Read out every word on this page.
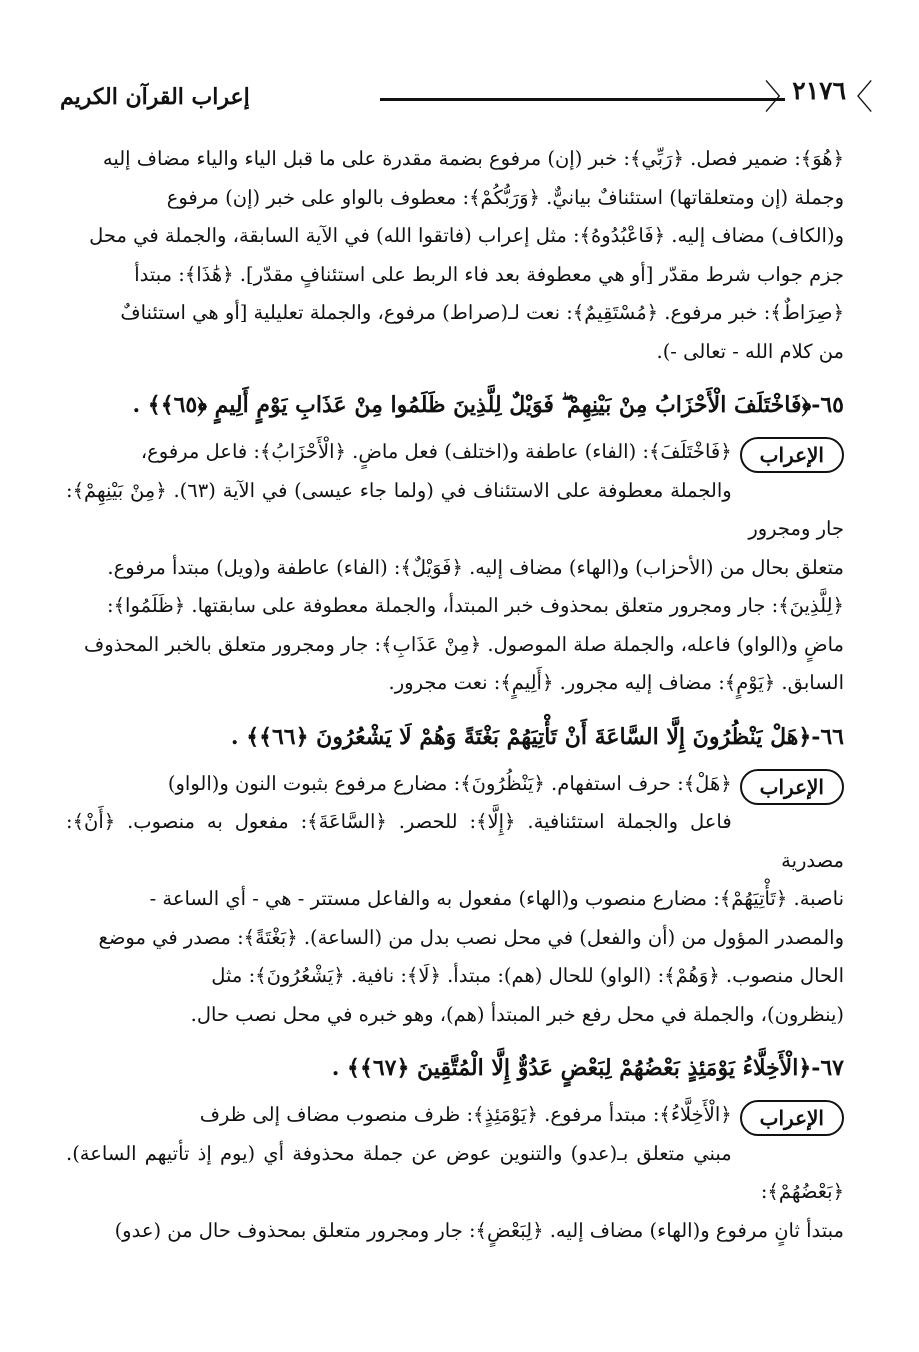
إعراب القرآن الكريم
〈	٢١٧٦ 〉
﴿هُوَ﴾: ضمير فصل. ﴿رَبِّي﴾: خبر (إن) مرفوع بضمة مقدرة على ما قبل الياء والياء مضاف إليه
وجملة (إن ومتعلقاتها) استئنافٌ بيانيٌّ. ﴿وَرَبُّكُمْ﴾: معطوف بالواو على خبر (إن) مرفوع
و(الكاف) مضاف إليه. ﴿فَاعْبُدُوهُ﴾: مثل إعراب (فاتقوا الله) في الآية السابقة، والجملة في محل
جزم جواب شرط مقدّر [أو هي معطوفة بعد فاء الربط على استئنافٍ مقدّر]. ﴿هَٰذَا﴾: مبتدأ
﴿صِرَاطٌ﴾: خبر مرفوع. ﴿مُسْتَقِيمٌ﴾: نعت لـ(صراط) مرفوع، والجملة تعليلية [أو هي استئنافٌ
من كلام الله - تعالى -).
٦٥-﴿فَاخْتَلَفَ الْأَحْزَابُ مِنْ بَيْنِهِمْ ۖ فَوَيْلٌ لِلَّذِينَ ظَلَمُوا مِنْ عَذَابِ يَوْمٍ أَلِيمٍ ﴿٦٥﴾﴾ .
الإعراب
﴿فَاخْتَلَفَ﴾: (الفاء) عاطفة و(اختلف) فعل ماضٍ. ﴿الْأَحْزَابُ﴾: فاعل مرفوع،
والجملة معطوفة على الاستئناف في (ولما جاء عيسى) في الآية (٦٣). ﴿مِنْ بَيْنِهِمْ﴾: جار ومجرور
متعلق بحال من (الأحزاب) و(الهاء) مضاف إليه. ﴿فَوَيْلٌ﴾: (الفاء) عاطفة و(ويل) مبتدأ مرفوع.
﴿لِلَّذِينَ﴾: جار ومجرور متعلق بمحذوف خبر المبتدأ، والجملة معطوفة على سابقتها. ﴿ظَلَمُوا﴾:
ماضٍ و(الواو) فاعله، والجملة صلة الموصول. ﴿مِنْ عَذَابِ﴾: جار ومجرور متعلق بالخبر المحذوف
السابق. ﴿يَوْمٍ﴾: مضاف إليه مجرور. ﴿أَلِيمٍ﴾: نعت مجرور.
٦٦-﴿هَلْ يَنْظُرُونَ إِلَّا السَّاعَةَ أَنْ تَأْتِيَهُمْ بَغْتَةً وَهُمْ لَا يَشْعُرُونَ ﴿٦٦﴾﴾ .
الإعراب
﴿هَلْ﴾: حرف استفهام. ﴿يَنْظُرُونَ﴾: مضارع مرفوع بثبوت النون و(الواو)
فاعل والجملة استئنافية. ﴿إِلَّا﴾: للحصر. ﴿السَّاعَةَ﴾: مفعول به منصوب. ﴿أَنْ﴾: مصدرية
ناصبة. ﴿تَأْتِيَهُمْ﴾: مضارع منصوب و(الهاء) مفعول به والفاعل مستتر - هي - أي الساعة -
والمصدر المؤول من (أن والفعل) في محل نصب بدل من (الساعة). ﴿بَغْتَةً﴾: مصدر في موضع
الحال منصوب. ﴿وَهُمْ﴾: (الواو) للحال (هم): مبتدأ. ﴿لَا﴾: نافية. ﴿يَشْعُرُونَ﴾: مثل
(ينظرون)، والجملة في محل رفع خبر المبتدأ (هم)، وهو خبره في محل نصب حال.
٦٧-﴿الْأَخِلَّاءُ يَوْمَئِذٍ بَعْضُهُمْ لِبَعْضٍ عَدُوٌّ إِلَّا الْمُتَّقِينَ ﴿٦٧﴾﴾ .
الإعراب
﴿الْأَخِلَّاءُ﴾: مبتدأ مرفوع. ﴿يَوْمَئِذٍ﴾: ظرف منصوب مضاف إلى ظرف
مبني متعلق بـ(عدو) والتنوين عوض عن جملة محذوفة أي (يوم إذ تأتيهم الساعة). ﴿بَعْضُهُمْ﴾:
مبتدأ ثانٍ مرفوع و(الهاء) مضاف إليه. ﴿لِبَعْضٍ﴾: جار ومجرور متعلق بمحذوف حال من (عدو)
